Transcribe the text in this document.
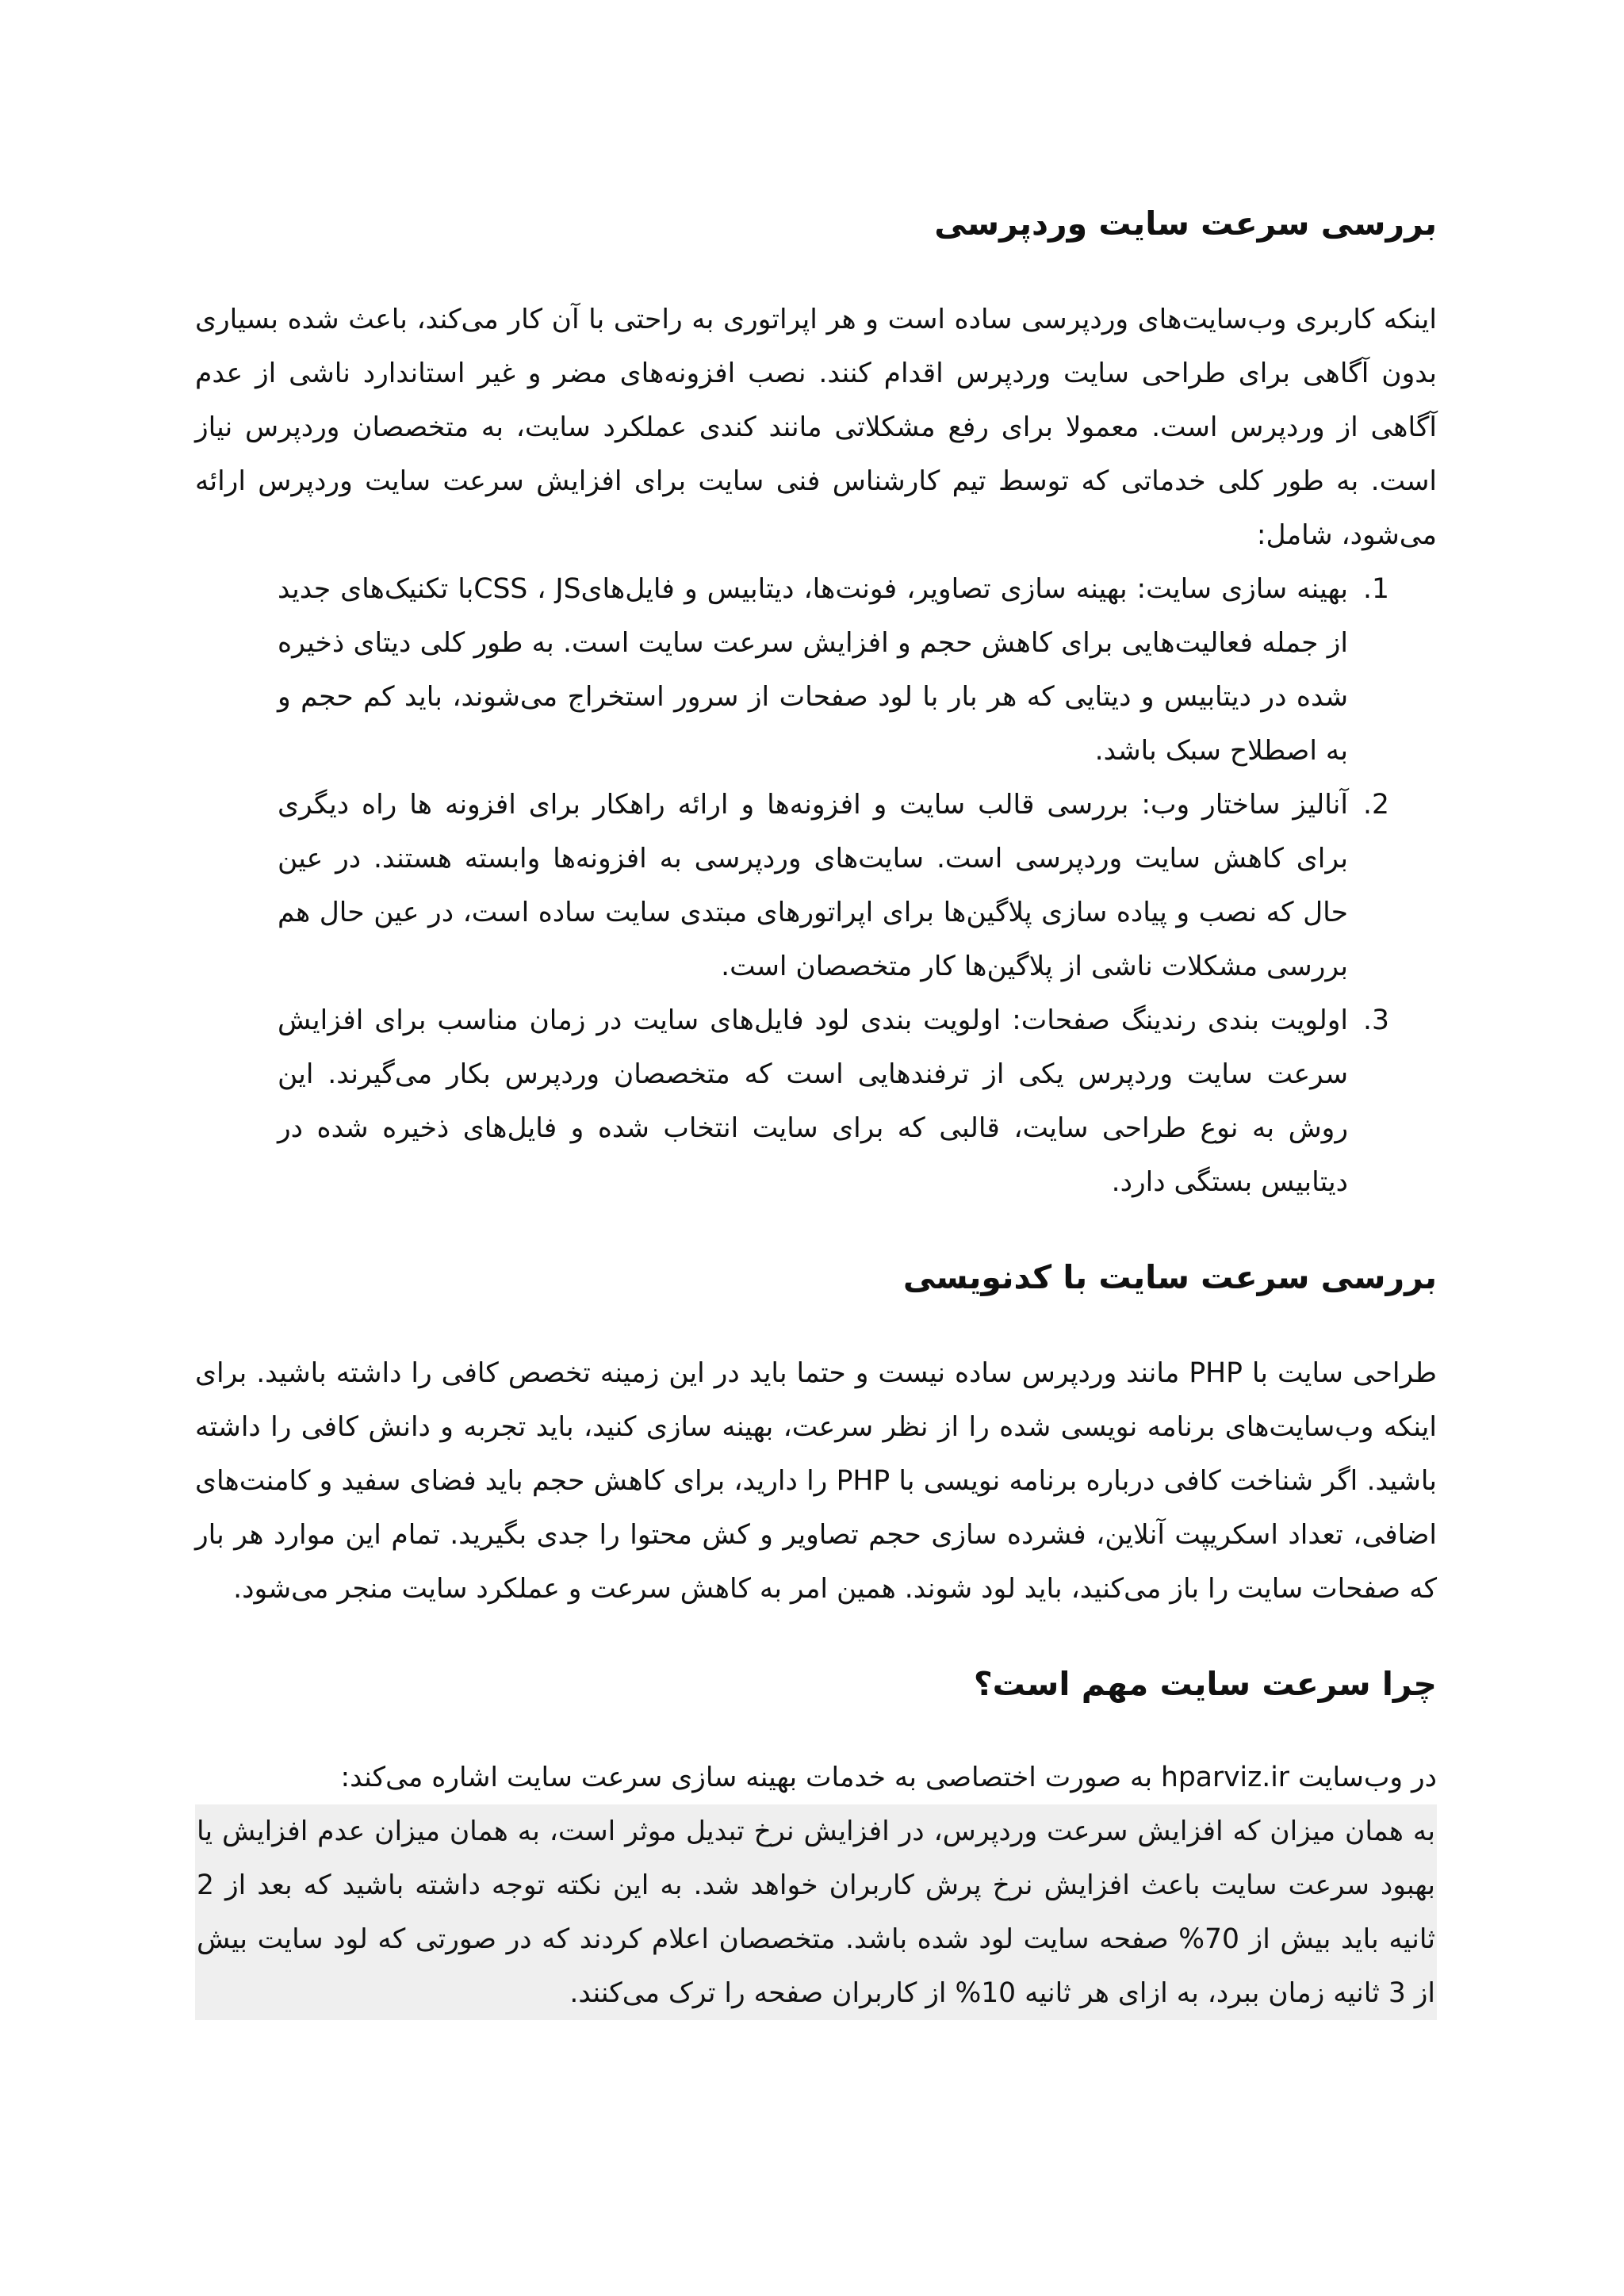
بررسی سرعت سایت وردپرسی

اینکه کاربری وب‌سایت‌های وردپرسی ساده است و هر اپراتوری به راحتی با آن کار می‌کند، باعث شده بسیاری بدون آگاهی برای طراحی سایت وردپرس اقدام کنند. نصب افزونه‌های مضر و غیر استاندارد ناشی از عدم آگاهی از وردپرس است. معمولا برای رفع مشکلاتی مانند کندی عملکرد سایت، به متخصصان وردپرس نیاز است. به طور کلی خدماتی که توسط تیم کارشناس فنی سایت برای افزایش سرعت سایت وردپرس ارائه می‌شود، شامل:

1. بهینه سازی سایت: بهینه سازی تصاویر، فونت‌ها، دیتابیس و فایل‌هایCSS ، JSبا تکنیک‌های جدید از جمله فعالیت‌هایی برای کاهش حجم و افزایش سرعت سایت است. به طور کلی دیتای ذخیره شده در دیتابیس و دیتایی که هر بار با لود صفحات از سرور استخراج می‌شوند، باید کم حجم و به اصطلاح سبک باشد.
2. آنالیز ساختار وب: بررسی قالب سایت و افزونه‌ها و ارائه راهکار برای افزونه ها راه دیگری برای کاهش سایت وردپرسی است. سایت‌های وردپرسی به افزونه‌ها وابسته هستند. در عین حال که نصب و پیاده سازی پلاگین‌ها برای اپراتورهای مبتدی سایت ساده است، در عین حال هم بررسی مشکلات ناشی از پلاگین‌ها کار متخصصان است.
3. اولویت بندی رندینگ صفحات: اولویت بندی لود فایل‌های سایت در زمان مناسب برای افزایش سرعت سایت وردپرس یکی از ترفندهایی است که متخصصان وردپرس بکار می‌گیرند. این روش به نوع طراحی سایت، قالبی که برای سایت انتخاب شده و فایل‌های ذخیره شده در دیتابیس بستگی دارد.
بررسی سرعت سایت با کدنویسی

طراحی سایت با PHP مانند وردپرس ساده نیست و حتما باید در این زمینه تخصص کافی را داشته باشید. برای اینکه وب‌سایت‌های برنامه نویسی شده را از نظر سرعت، بهینه سازی کنید، باید تجربه و دانش کافی را داشته باشید. اگر شناخت کافی درباره برنامه نویسی با PHP را دارید، برای کاهش حجم باید فضای سفید و کامنت‌های اضافی، تعداد اسکریپت آنلاین، فشرده سازی حجم تصاویر و کش محتوا را جدی بگیرید. تمام این موارد هر بار که صفحات سایت را باز می‌کنید، باید لود شوند. همین امر به کاهش سرعت و عملکرد سایت منجر می‌شود.

چرا سرعت سایت مهم است؟

در وب‌سایت hparviz.ir به صورت اختصاصی به خدمات بهینه سازی سرعت سایت اشاره می‌کند:

به همان میزان که افزایش سرعت وردپرس، در افزایش نرخ تبدیل موثر است، به همان میزان عدم افزایش یا بهبود سرعت سایت باعث افزایش نرخ پرش کاربران خواهد شد. به این نکته توجه داشته باشید که بعد از 2 ثانیه باید بیش از 70% صفحه سایت لود شده باشد. متخصصان اعلام کردند که در صورتی که لود سایت بیش از 3 ثانیه زمان ببرد، به ازای هر ثانیه 10% از کاربران صفحه را ترک می‌کنند.
